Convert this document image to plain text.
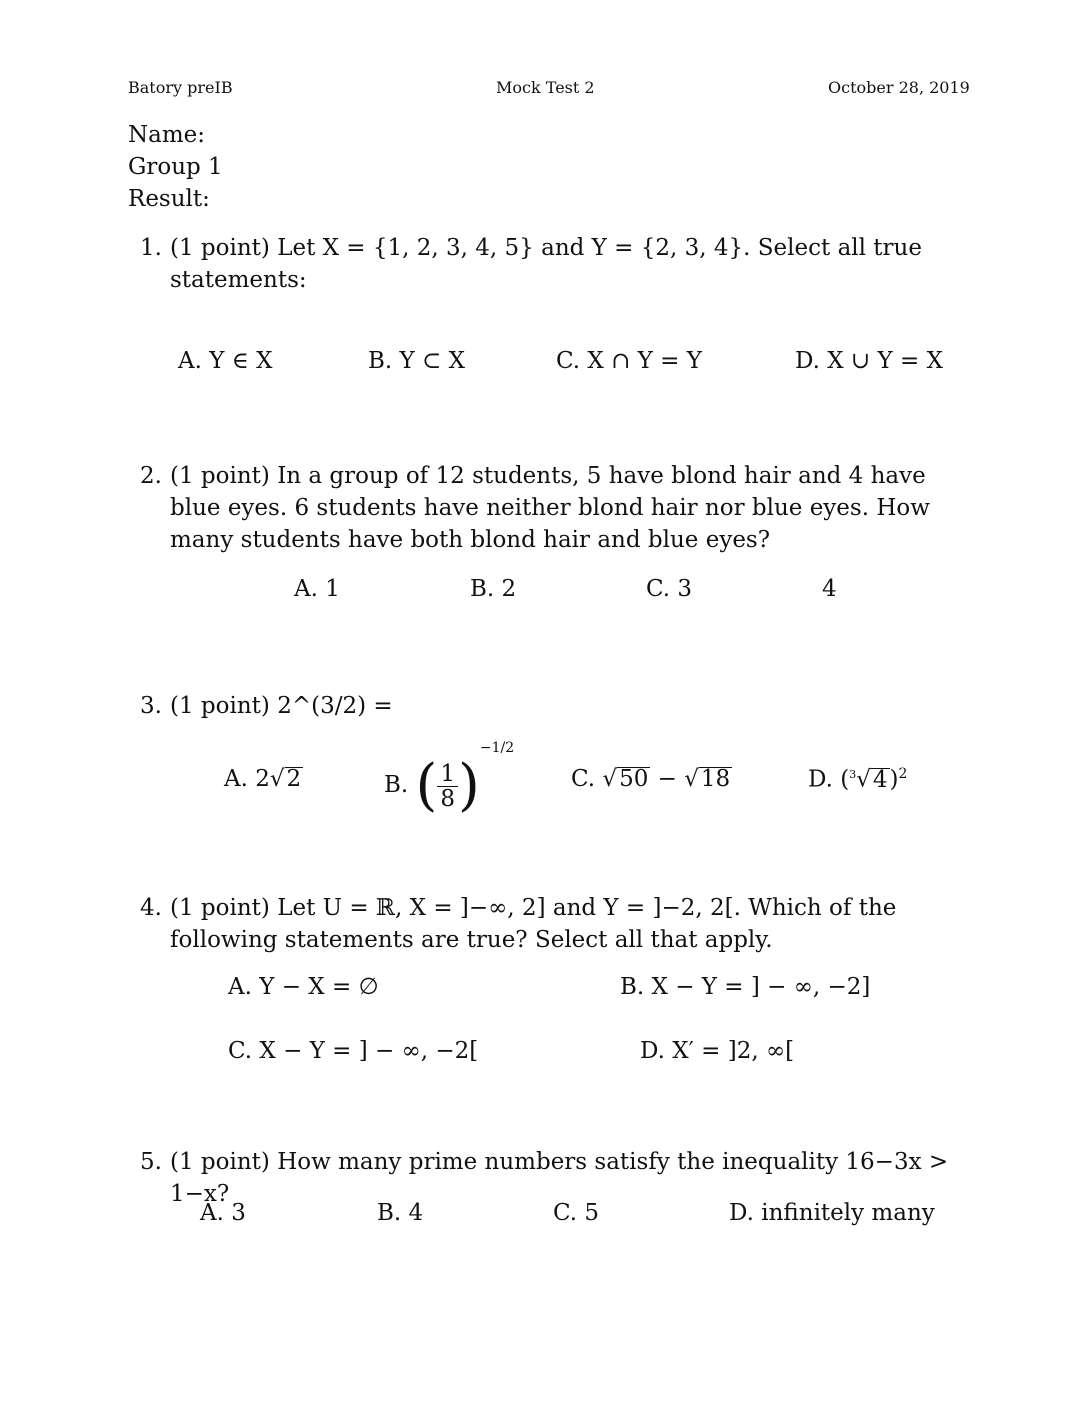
Batory preIB	Mock Test 2	October 28, 2019
Name:
Group 1
Result:
1. (1 point) Let X = {1, 2, 3, 4, 5} and Y = {2, 3, 4}. Select all true statements:
A. Y ∈ X	B. Y ⊂ X	C. X ∩ Y = Y	D. X ∪ Y = X
2. (1 point) In a group of 12 students, 5 have blond hair and 4 have blue eyes. 6 students have neither blond hair nor blue eyes. How many students have both blond hair and blue eyes?
A. 1	B. 2	C. 3	4
3. (1 point) 2^(3/2) =
A. 2√2	B. ( $\frac{1}{8} )^{-1/2}$
C. √50 − √18	D. $(^3√4)^2$
4. (1 point) Let U = ℝ, X = ]−∞, 2] and Y = ]−2, 2[. Which of the following statements are true? Select all that apply.
A. Y − X = ∅	B. X − Y = ] − ∞, −2]
C. X − Y = ] − ∞, −2[	D. X′ = ]2, ∞[
5. (1 point) How many prime numbers satisfy the inequality 16−3x > 1−x?
A. 3	B. 4	C. 5	D. infinitely many
